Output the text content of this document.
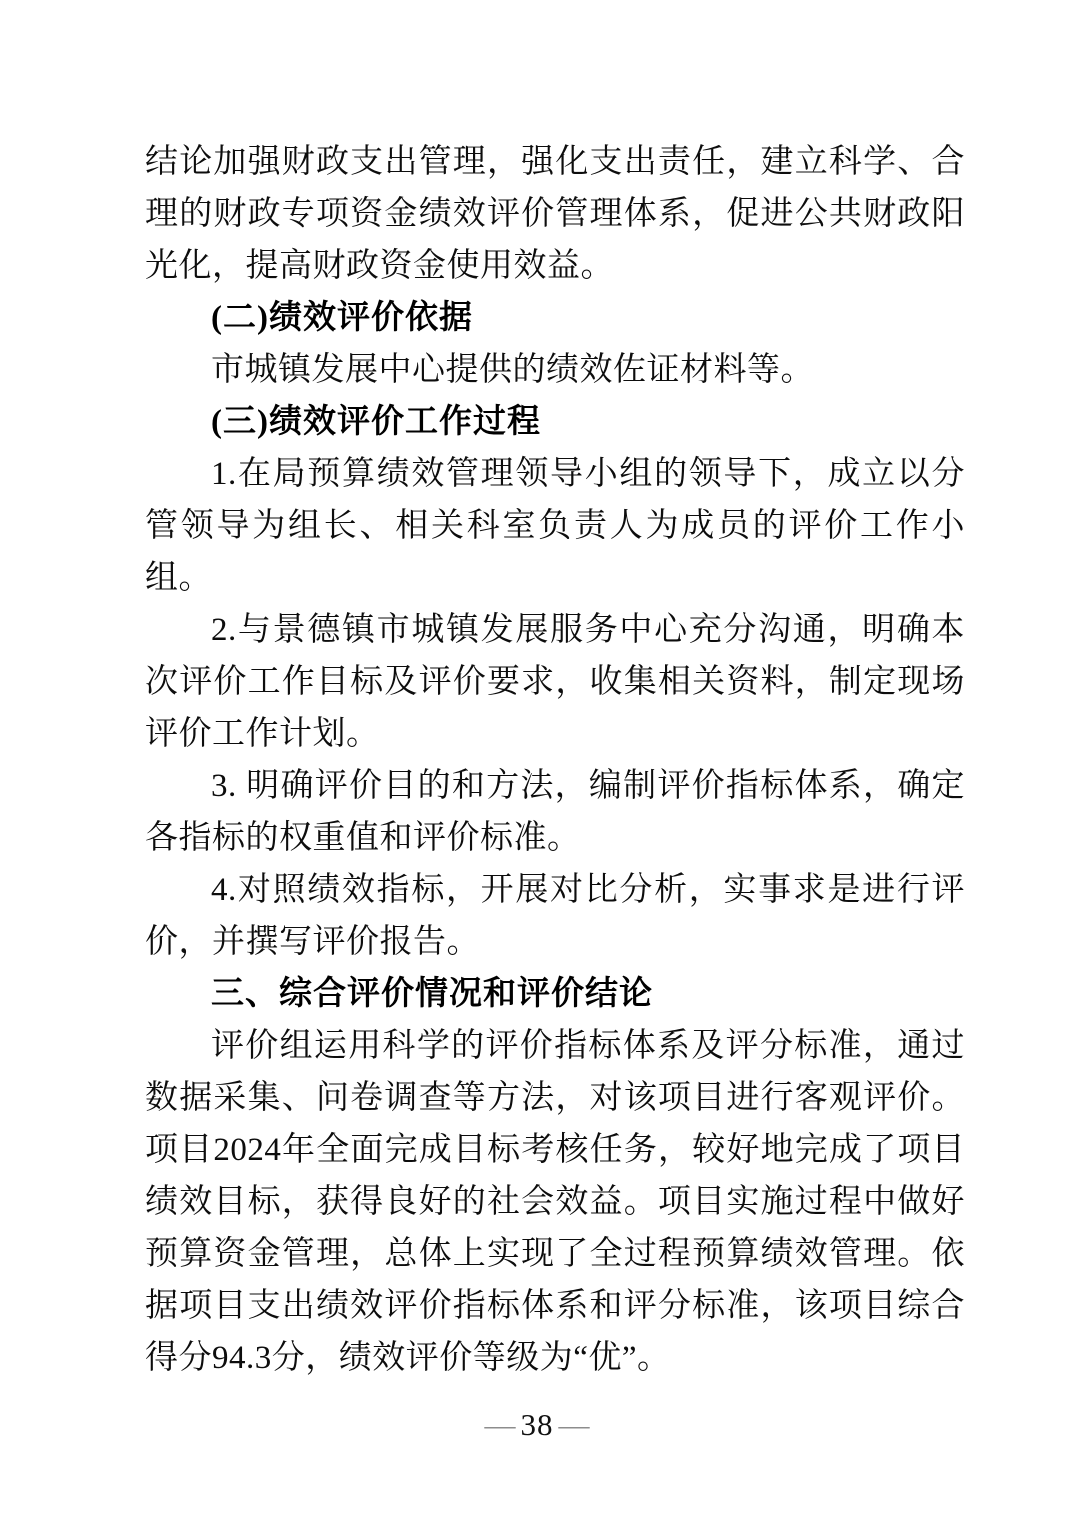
结论加强财政支出管理，强化支出责任，建立科学、合理的财政专项资金绩效评价管理体系，促进公共财政阳光化，提高财政资金使用效益。

(二)绩效评价依据

市城镇发展中心提供的绩效佐证材料等。

(三)绩效评价工作过程

1.在局预算绩效管理领导小组的领导下，成立以分管领导为组长、相关科室负责人为成员的评价工作小组。

2.与景德镇市城镇发展服务中心充分沟通，明确本次评价工作目标及评价要求，收集相关资料，制定现场评价工作计划。

3. 明确评价目的和方法，编制评价指标体系，确定各指标的权重值和评价标准。

4.对照绩效指标，开展对比分析，实事求是进行评价，并撰写评价报告。

三、综合评价情况和评价结论

评价组运用科学的评价指标体系及评分标准，通过数据采集、问卷调查等方法，对该项目进行客观评价。项目2024年全面完成目标考核任务，较好地完成了项目绩效目标，获得良好的社会效益。项目实施过程中做好预算资金管理，总体上实现了全过程预算绩效管理。依据项目支出绩效评价指标体系和评分标准，该项目综合得分94.3分，绩效评价等级为“优”。

— 38 —
